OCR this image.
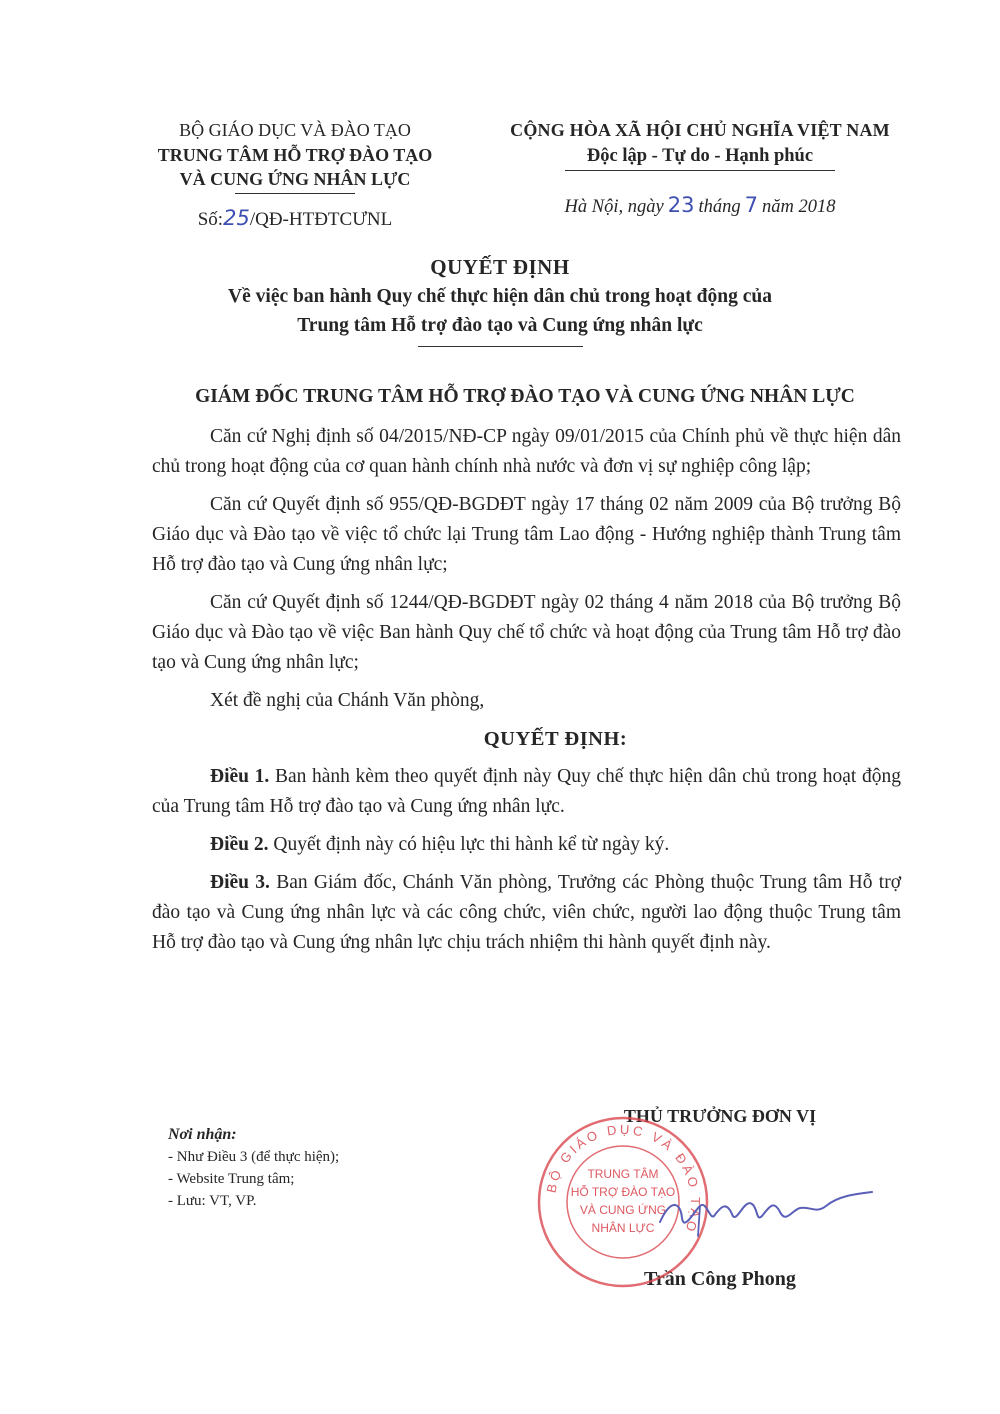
BỘ GIÁO DỤC VÀ ĐÀO TẠO
TRUNG TÂM HỖ TRỢ ĐÀO TẠO
VÀ CUNG ỨNG NHÂN LỰC
Số:25/QĐ-HTĐTCƯNL
CỘNG HÒA XÃ HỘI CHỦ NGHĨA VIỆT NAM
Độc lập - Tự do - Hạnh phúc
Hà Nội, ngày 23 tháng 7 năm 2018
QUYẾT ĐỊNH
Về việc ban hành Quy chế thực hiện dân chủ trong hoạt động của
Trung tâm Hỗ trợ đào tạo và Cung ứng nhân lực
GIÁM ĐỐC TRUNG TÂM HỖ TRỢ ĐÀO TẠO VÀ CUNG ỨNG NHÂN LỰC

Căn cứ Nghị định số 04/2015/NĐ-CP ngày 09/01/2015 của Chính phủ về thực hiện dân chủ trong hoạt động của cơ quan hành chính nhà nước và đơn vị sự nghiệp công lập;

Căn cứ Quyết định số 955/QĐ-BGDĐT ngày 17 tháng 02 năm 2009 của Bộ trưởng Bộ Giáo dục và Đào tạo về việc tổ chức lại Trung tâm Lao động - Hướng nghiệp thành Trung tâm Hỗ trợ đào tạo và Cung ứng nhân lực;

Căn cứ Quyết định số 1244/QĐ-BGDĐT ngày 02 tháng 4 năm 2018 của Bộ trưởng Bộ Giáo dục và Đào tạo về việc Ban hành Quy chế tổ chức và hoạt động của Trung tâm Hỗ trợ đào tạo và Cung ứng nhân lực;

Xét đề nghị của Chánh Văn phòng,

QUYẾT ĐỊNH:

Điều 1. Ban hành kèm theo quyết định này Quy chế thực hiện dân chủ trong hoạt động của Trung tâm Hỗ trợ đào tạo và Cung ứng nhân lực.

Điều 2. Quyết định này có hiệu lực thi hành kể từ ngày ký.

Điều 3. Ban Giám đốc, Chánh Văn phòng, Trưởng các Phòng thuộc Trung tâm Hỗ trợ đào tạo và Cung ứng nhân lực và các công chức, viên chức, người lao động thuộc Trung tâm Hỗ trợ đào tạo và Cung ứng nhân lực chịu trách nhiệm thi hành quyết định này.

Nơi nhận:
- Như Điều 3 (để thực hiện);
- Website Trung tâm;
- Lưu: VT, VP.
THỦ TRƯỞNG ĐƠN VỊ
Trần Công Phong
BỘ GIÁO DỤC VÀ ĐÀO TẠO
TRUNG TÂM
HỖ TRỢ ĐÀO TẠO
VÀ CUNG ỨNG
NHÂN LỰC
